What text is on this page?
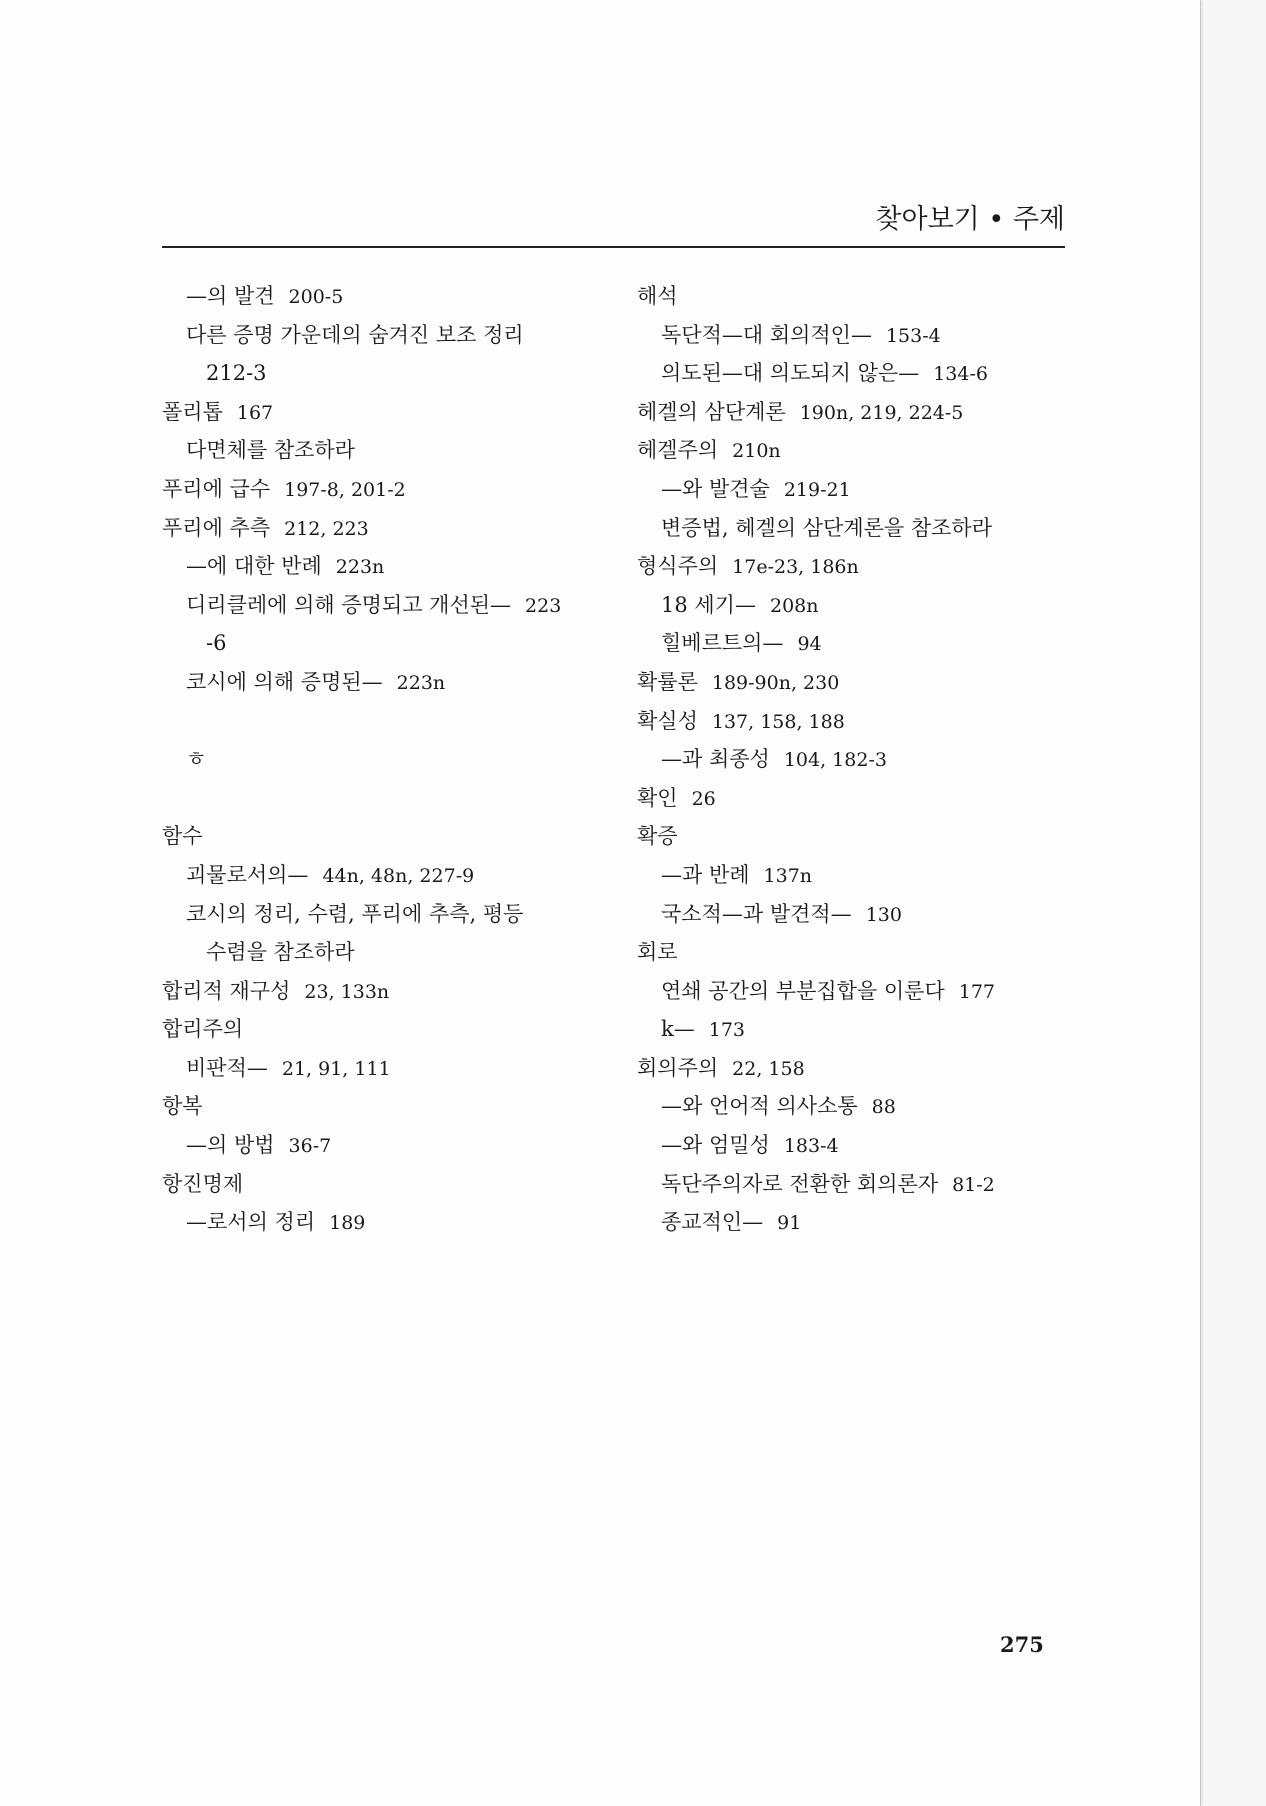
찾아보기 • 주제
—의 발견 200-5
다른 증명 가운데의 숨겨진 보조 정리
212-3
폴리톱 167
다면체를 참조하라
푸리에 급수 197-8, 201-2
푸리에 추측 212, 223
—에 대한 반례 223n
디리클레에 의해 증명되고 개선된— 223
-6
코시에 의해 증명된— 223n
ㅎ
함수
괴물로서의— 44n, 48n, 227-9
코시의 정리, 수렴, 푸리에 추측, 평등
수렴을 참조하라
합리적 재구성 23, 133n
합리주의
비판적— 21, 91, 111
항복
—의 방법 36-7
항진명제
—로서의 정리 189
해석
독단적—대 회의적인— 153-4
의도된—대 의도되지 않은— 134-6
헤겔의 삼단계론 190n, 219, 224-5
헤겔주의 210n
—와 발견술 219-21
변증법, 헤겔의 삼단계론을 참조하라
형식주의 17e-23, 186n
18 세기— 208n
힐베르트의— 94
확률론 189-90n, 230
확실성 137, 158, 188
—과 최종성 104, 182-3
확인 26
확증
—과 반례 137n
국소적—과 발견적— 130
회로
연쇄 공간의 부분집합을 이룬다 177
k— 173
회의주의 22, 158
—와 언어적 의사소통 88
—와 엄밀성 183-4
독단주의자로 전환한 회의론자 81-2
종교적인— 91
275
